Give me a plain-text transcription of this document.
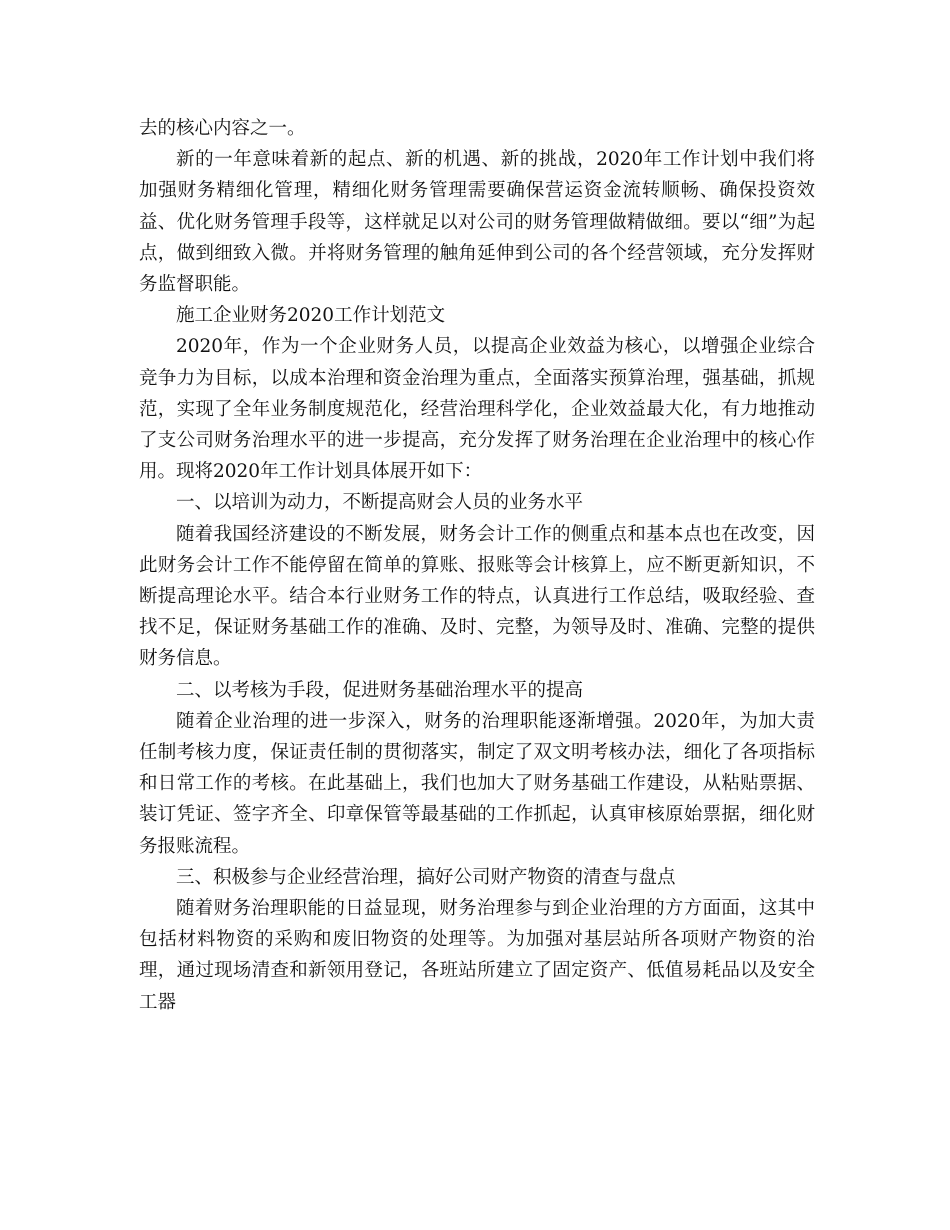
去的核心内容之一。

新的一年意味着新的起点、新的机遇、新的挑战，2020年工作计划中我们将加强财务精细化管理，精细化财务管理需要确保营运资金流转顺畅、确保投资效益、优化财务管理手段等，这样就足以对公司的财务管理做精做细。要以“细”为起点，做到细致入微。并将财务管理的触角延伸到公司的各个经营领域，充分发挥财务监督职能。

施工企业财务2020工作计划范文

2020年，作为一个企业财务人员，以提高企业效益为核心，以增强企业综合竞争力为目标，以成本治理和资金治理为重点，全面落实预算治理，强基础，抓规范，实现了全年业务制度规范化，经营治理科学化，企业效益最大化，有力地推动了支公司财务治理水平的进一步提高，充分发挥了财务治理在企业治理中的核心作用。现将2020年工作计划具体展开如下：

一、以培训为动力，不断提高财会人员的业务水平

随着我国经济建设的不断发展，财务会计工作的侧重点和基本点也在改变，因此财务会计工作不能停留在简单的算账、报账等会计核算上，应不断更新知识，不断提高理论水平。结合本行业财务工作的特点，认真进行工作总结，吸取经验、查找不足，保证财务基础工作的准确、及时、完整，为领导及时、准确、完整的提供财务信息。

二、以考核为手段，促进财务基础治理水平的提高

随着企业治理的进一步深入，财务的治理职能逐渐增强。2020年，为加大责任制考核力度，保证责任制的贯彻落实，制定了双文明考核办法，细化了各项指标和日常工作的考核。在此基础上，我们也加大了财务基础工作建设，从粘贴票据、装订凭证、签字齐全、印章保管等最基础的工作抓起，认真审核原始票据，细化财务报账流程。

三、积极参与企业经营治理，搞好公司财产物资的清查与盘点

随着财务治理职能的日益显现，财务治理参与到企业治理的方方面面，这其中包括材料物资的采购和废旧物资的处理等。为加强对基层站所各项财产物资的治理，通过现场清查和新领用登记，各班站所建立了固定资产、低值易耗品以及安全工器
